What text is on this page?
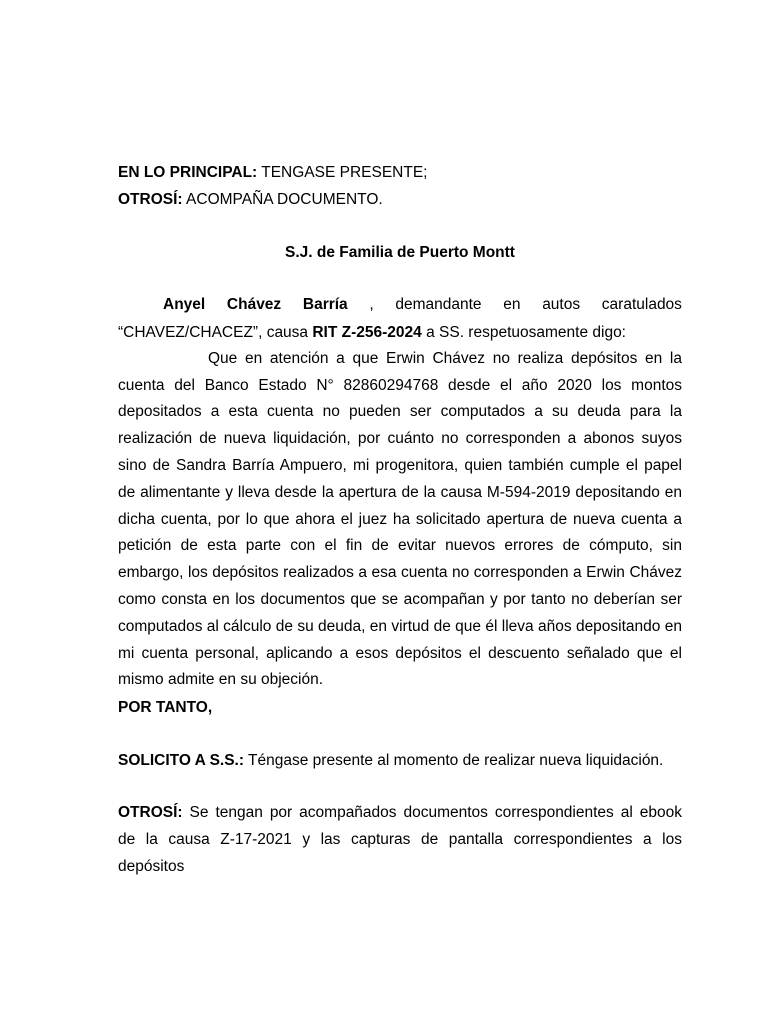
EN LO PRINCIPAL: TENGASE PRESENTE;
OTROSÍ: ACOMPAÑA DOCUMENTO.
S.J. de Familia de Puerto Montt
Anyel Chávez Barría , demandante en autos caratulados
“CHAVEZ/CHACEZ”, causa RIT Z-256-2024 a SS. respetuosamente digo:
Que en atención a que Erwin Chávez no realiza depósitos en la cuenta del Banco Estado N° 82860294768 desde el año 2020 los montos depositados a esta cuenta no pueden ser computados a su deuda para la realización de nueva liquidación, por cuánto no corresponden a abonos suyos sino de Sandra Barría Ampuero, mi progenitora, quien también cumple el papel de alimentante y lleva desde la apertura de la causa M-594-2019 depositando en dicha cuenta, por lo que ahora el juez ha solicitado apertura de nueva cuenta a petición de esta parte con el fin de evitar nuevos errores de cómputo, sin embargo, los depósitos realizados a esa cuenta no corresponden a Erwin Chávez como consta en los documentos que se acompañan y por tanto no deberían ser computados al cálculo de su deuda, en virtud de que él lleva años depositando en mi cuenta personal, aplicando a esos depósitos el descuento señalado que el mismo admite en su objeción.
POR TANTO,
SOLICITO A S.S.: Téngase presente al momento de realizar nueva liquidación.
OTROSÍ: Se tengan por acompañados documentos correspondientes al ebook de la causa Z-17-2021 y las capturas de pantalla correspondientes a los depósitos
